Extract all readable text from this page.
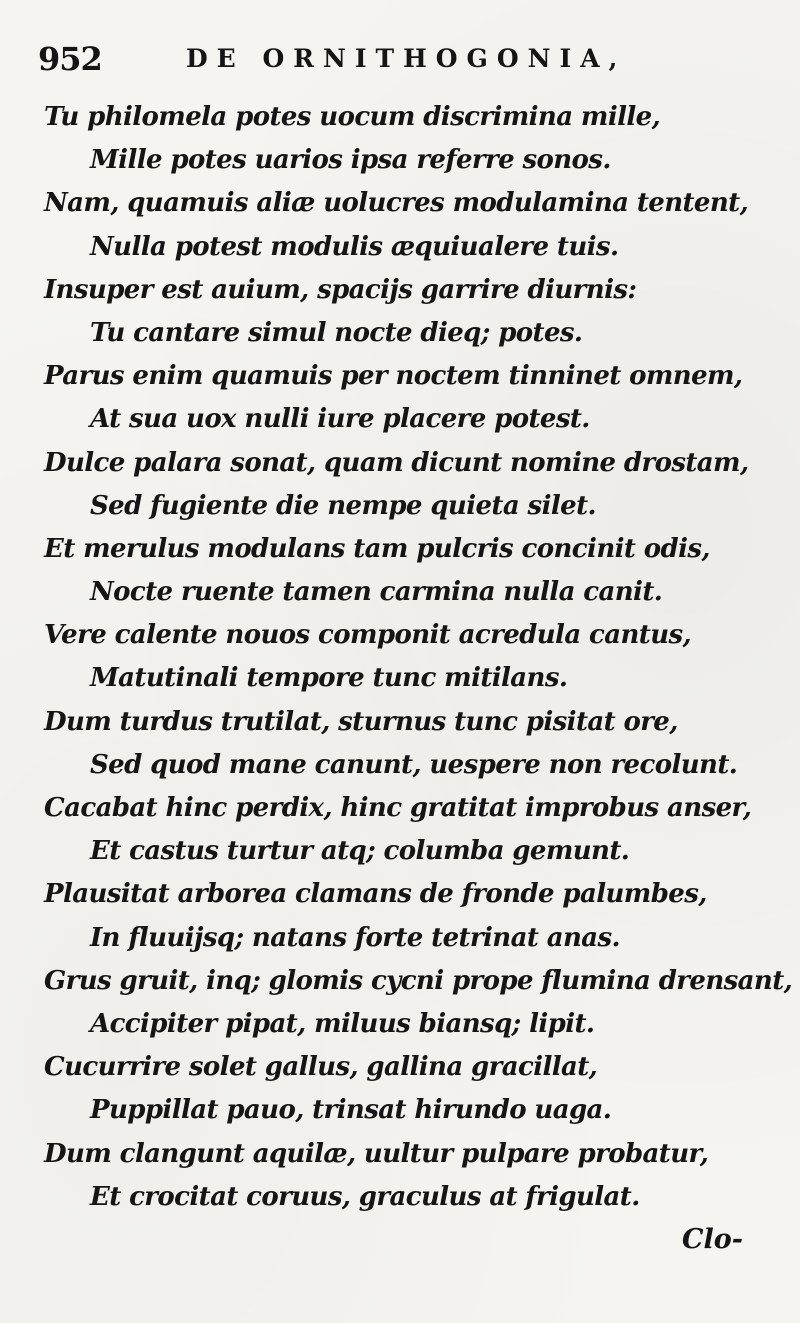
952	DE ORNITHOGONIA,
Tu philomela potes uocum discrimina mille,
Mille potes uarios ipsa referre sonos.
Nam, quamuis aliæ uolucres modulamina tentent,
Nulla potest modulis æquiualere tuis.
Insuper est auium, spacijs garrire diurnis:
Tu cantare simul nocte dieq; potes.
Parus enim quamuis per noctem tinninet omnem,
At sua uox nulli iure placere potest.
Dulce palara sonat, quam dicunt nomine drostam,
Sed fugiente die nempe quieta silet.
Et merulus modulans tam pulcris concinit odis,
Nocte ruente tamen carmina nulla canit.
Vere calente nouos componit acredula cantus,
Matutinali tempore tunc mitilans.
Dum turdus trutilat, sturnus tunc pisitat ore,
Sed quod mane canunt, uespere non recolunt.
Cacabat hinc perdix, hinc gratitat improbus anser,
Et castus turtur atq; columba gemunt.
Plausitat arborea clamans de fronde palumbes,
In fluuijsq; natans forte tetrinat anas.
Grus gruit, inq; glomis cycni prope flumina drensant,
Accipiter pipat, miluus biansq; lipit.
Cucurrire solet gallus, gallina gracillat,
Puppillat pauo, trinsat hirundo uaga.
Dum clangunt aquilæ, uultur pulpare probatur,
Et crocitat coruus, graculus at frigulat.
Clo-
